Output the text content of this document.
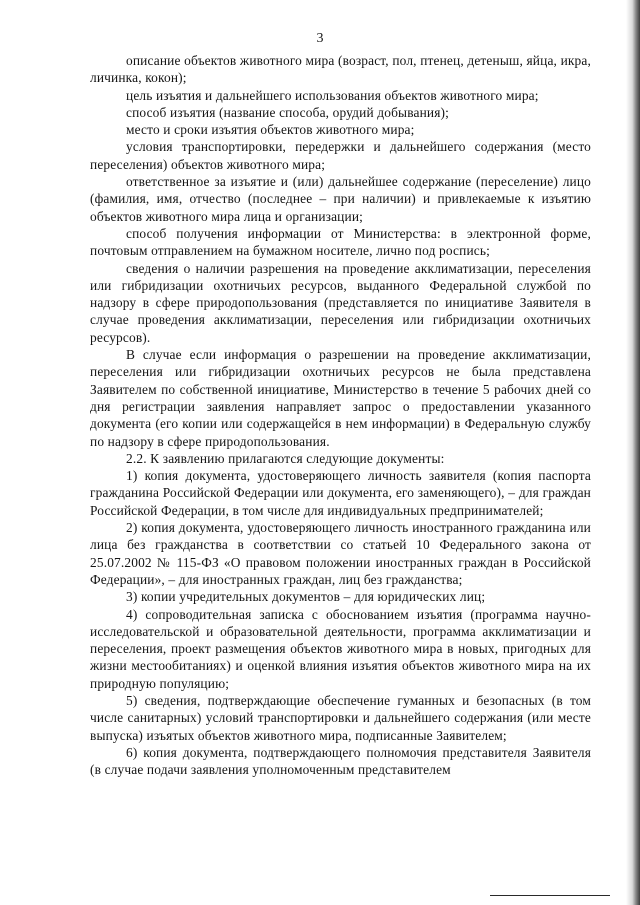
3

описание объектов животного мира (возраст, пол, птенец, детеныш, яйца, икра, личинка, кокон);

цель изъятия и дальнейшего использования объектов животного мира;

способ изъятия (название способа, орудий добывания);

место и сроки изъятия объектов животного мира;

условия транспортировки, передержки и дальнейшего содержания (место переселения) объектов животного мира;

ответственное за изъятие и (или) дальнейшее содержание (переселение) лицо (фамилия, имя, отчество (последнее – при наличии) и привлекаемые к изъятию объектов животного мира лица и организации;

способ получения информации от Министерства: в электронной форме, почтовым отправлением на бумажном носителе, лично под роспись;

сведения о наличии разрешения на проведение акклиматизации, переселения или гибридизации охотничьих ресурсов, выданного Федеральной службой по надзору в сфере природопользования (представляется по инициативе Заявителя в случае проведения акклиматизации, переселения или гибридизации охотничьих ресурсов).

В случае если информация о разрешении на проведение акклиматизации, переселения или гибридизации охотничьих ресурсов не была представлена Заявителем по собственной инициативе, Министерство в течение 5 рабочих дней со дня регистрации заявления направляет запрос о предоставлении указанного документа (его копии или содержащейся в нем информации) в Федеральную службу по надзору в сфере природопользования.

2.2. К заявлению прилагаются следующие документы:

1) копия документа, удостоверяющего личность заявителя (копия паспорта гражданина Российской Федерации или документа, его заменяющего), – для граждан Российской Федерации, в том числе для индивидуальных предпринимателей;

2) копия документа, удостоверяющего личность иностранного гражданина или лица без гражданства в соответствии со статьей 10 Федерального закона от 25.07.2002 № 115-ФЗ «О правовом положении иностранных граждан в Российской Федерации», – для иностранных граждан, лиц без гражданства;

3) копии учредительных документов – для юридических лиц;

4) сопроводительная записка с обоснованием изъятия (программа научно-исследовательской и образовательной деятельности, программа акклиматизации и переселения, проект размещения объектов животного мира в новых, пригодных для жизни местообитаниях) и оценкой влияния изъятия объектов животного мира на их природную популяцию;

5) сведения, подтверждающие обеспечение гуманных и безопасных (в том числе санитарных) условий транспортировки и дальнейшего содержания (или месте выпуска) изъятых объектов животного мира, подписанные Заявителем;

6) копия документа, подтверждающего полномочия представителя Заявителя (в случае подачи заявления уполномоченным представителем
